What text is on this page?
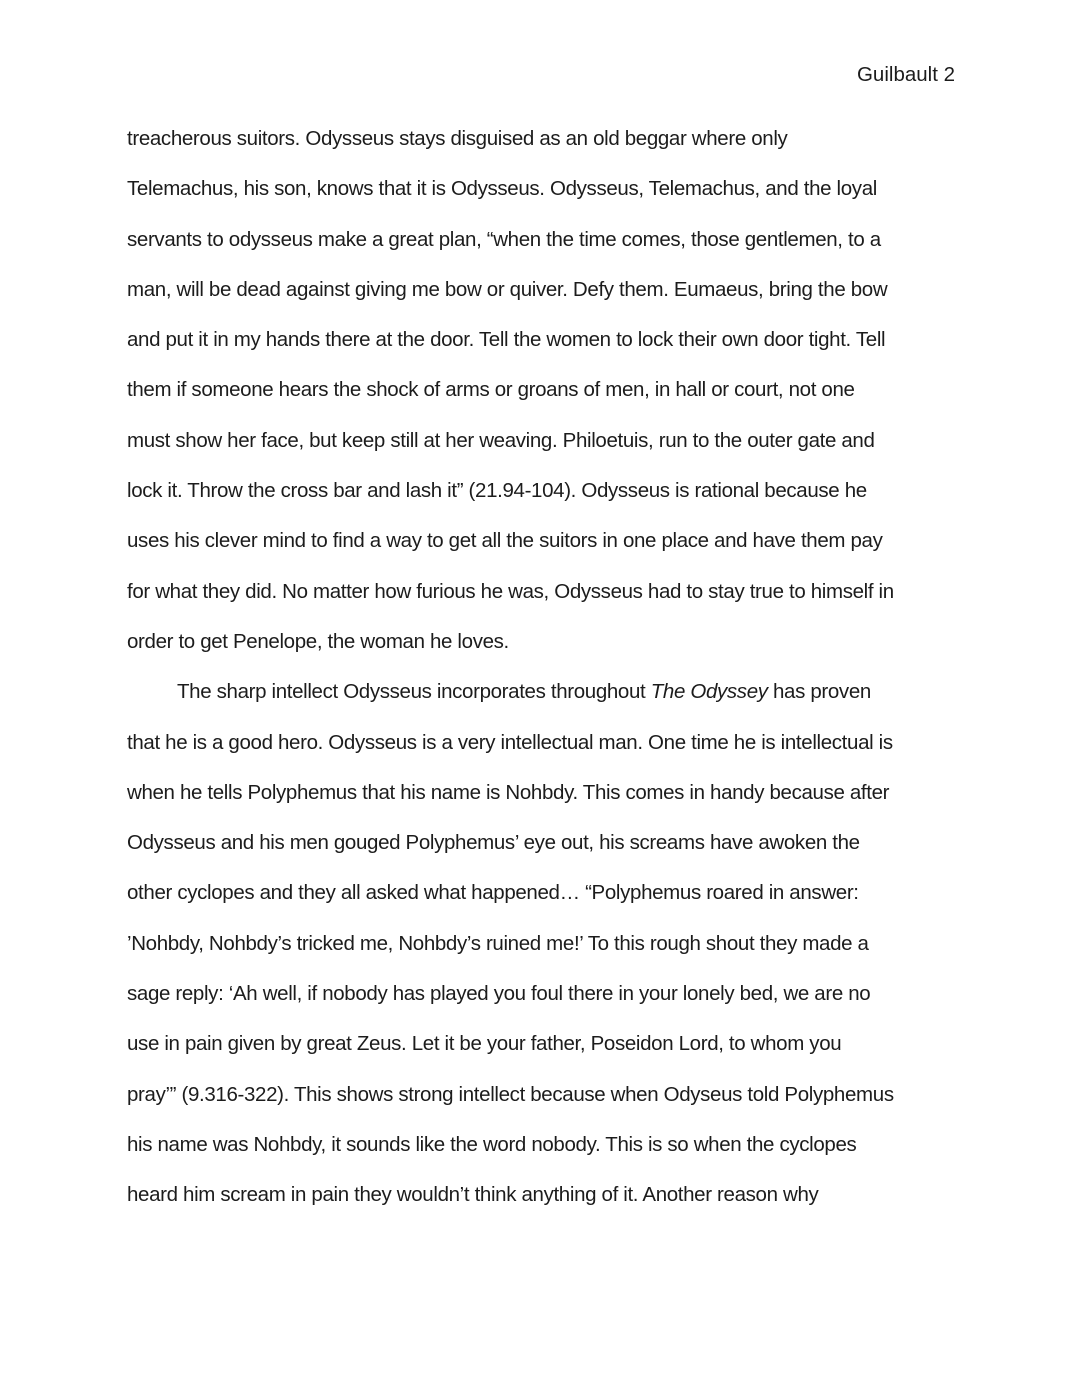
Guilbault 2
treacherous suitors. Odysseus stays disguised as an old beggar where only
Telemachus, his son, knows that it is Odysseus. Odysseus, Telemachus, and the loyal
servants to odysseus make a great plan, “when the time comes, those gentlemen, to a
man, will be dead against giving me bow or quiver. Defy them. Eumaeus, bring the bow
and put it in my hands there at the door. Tell the women to lock their own door tight. Tell
them if someone hears the shock of arms or groans of men, in hall or court, not one
must show her face, but keep still at her weaving. Philoetuis, run to the outer gate and
lock it. Throw the cross bar and lash it” (21.94-104). Odysseus is rational because he
uses his clever mind to find a way to get all the suitors in one place and have them pay
for what they did. No matter how furious he was, Odysseus had to stay true to himself in
order to get Penelope, the woman he loves.
The sharp intellect Odysseus incorporates throughout The Odyssey has proven
that he is a good hero. Odysseus is a very intellectual man. One time he is intellectual is
when he tells Polyphemus that his name is Nohbdy. This comes in handy because after
Odysseus and his men gouged Polyphemus’ eye out, his screams have awoken the
other cyclopes and they all asked what happened… “Polyphemus roared in answer:
’Nohbdy, Nohbdy’s tricked me, Nohbdy’s ruined me!’ To this rough shout they made a
sage reply: ‘Ah well, if nobody has played you foul there in your lonely bed, we are no
use in pain given by great Zeus. Let it be your father, Poseidon Lord, to whom you
pray’” (9.316-322). This shows strong intellect because when Odyseus told Polyphemus
his name was Nohbdy, it sounds like the word nobody. This is so when the cyclopes
heard him scream in pain they wouldn’t think anything of it. Another reason why
